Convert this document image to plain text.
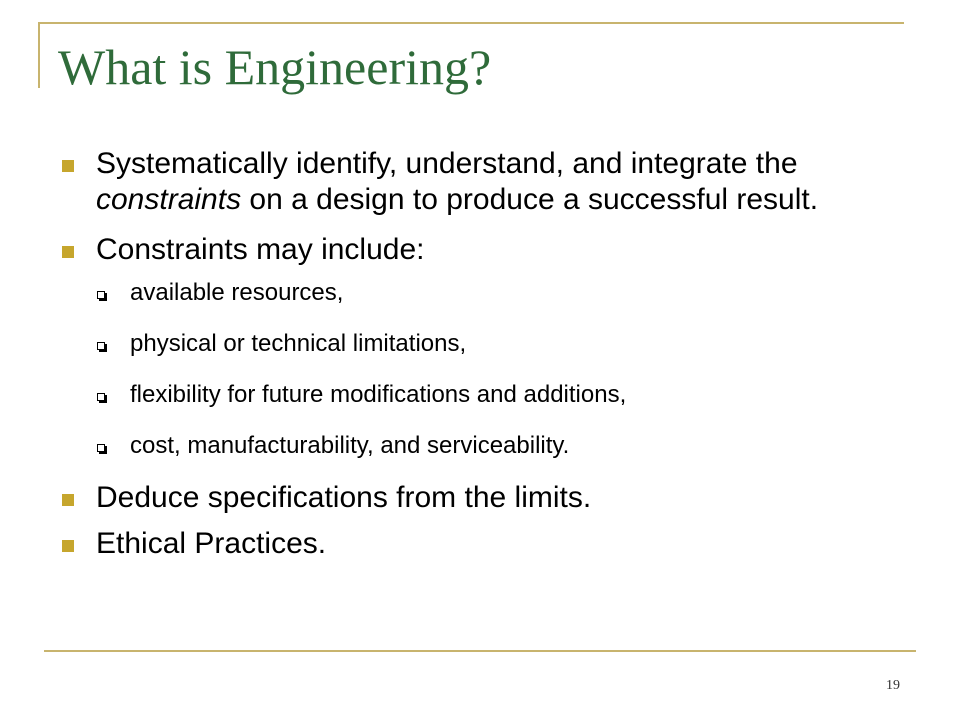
What is Engineering?
Systematically identify, understand, and integrate the constraints on a design to produce a successful result.
Constraints may include:
available resources,
physical or technical limitations,
flexibility for future modifications and additions,
cost, manufacturability, and serviceability.
Deduce specifications from the limits.
Ethical Practices.
19
